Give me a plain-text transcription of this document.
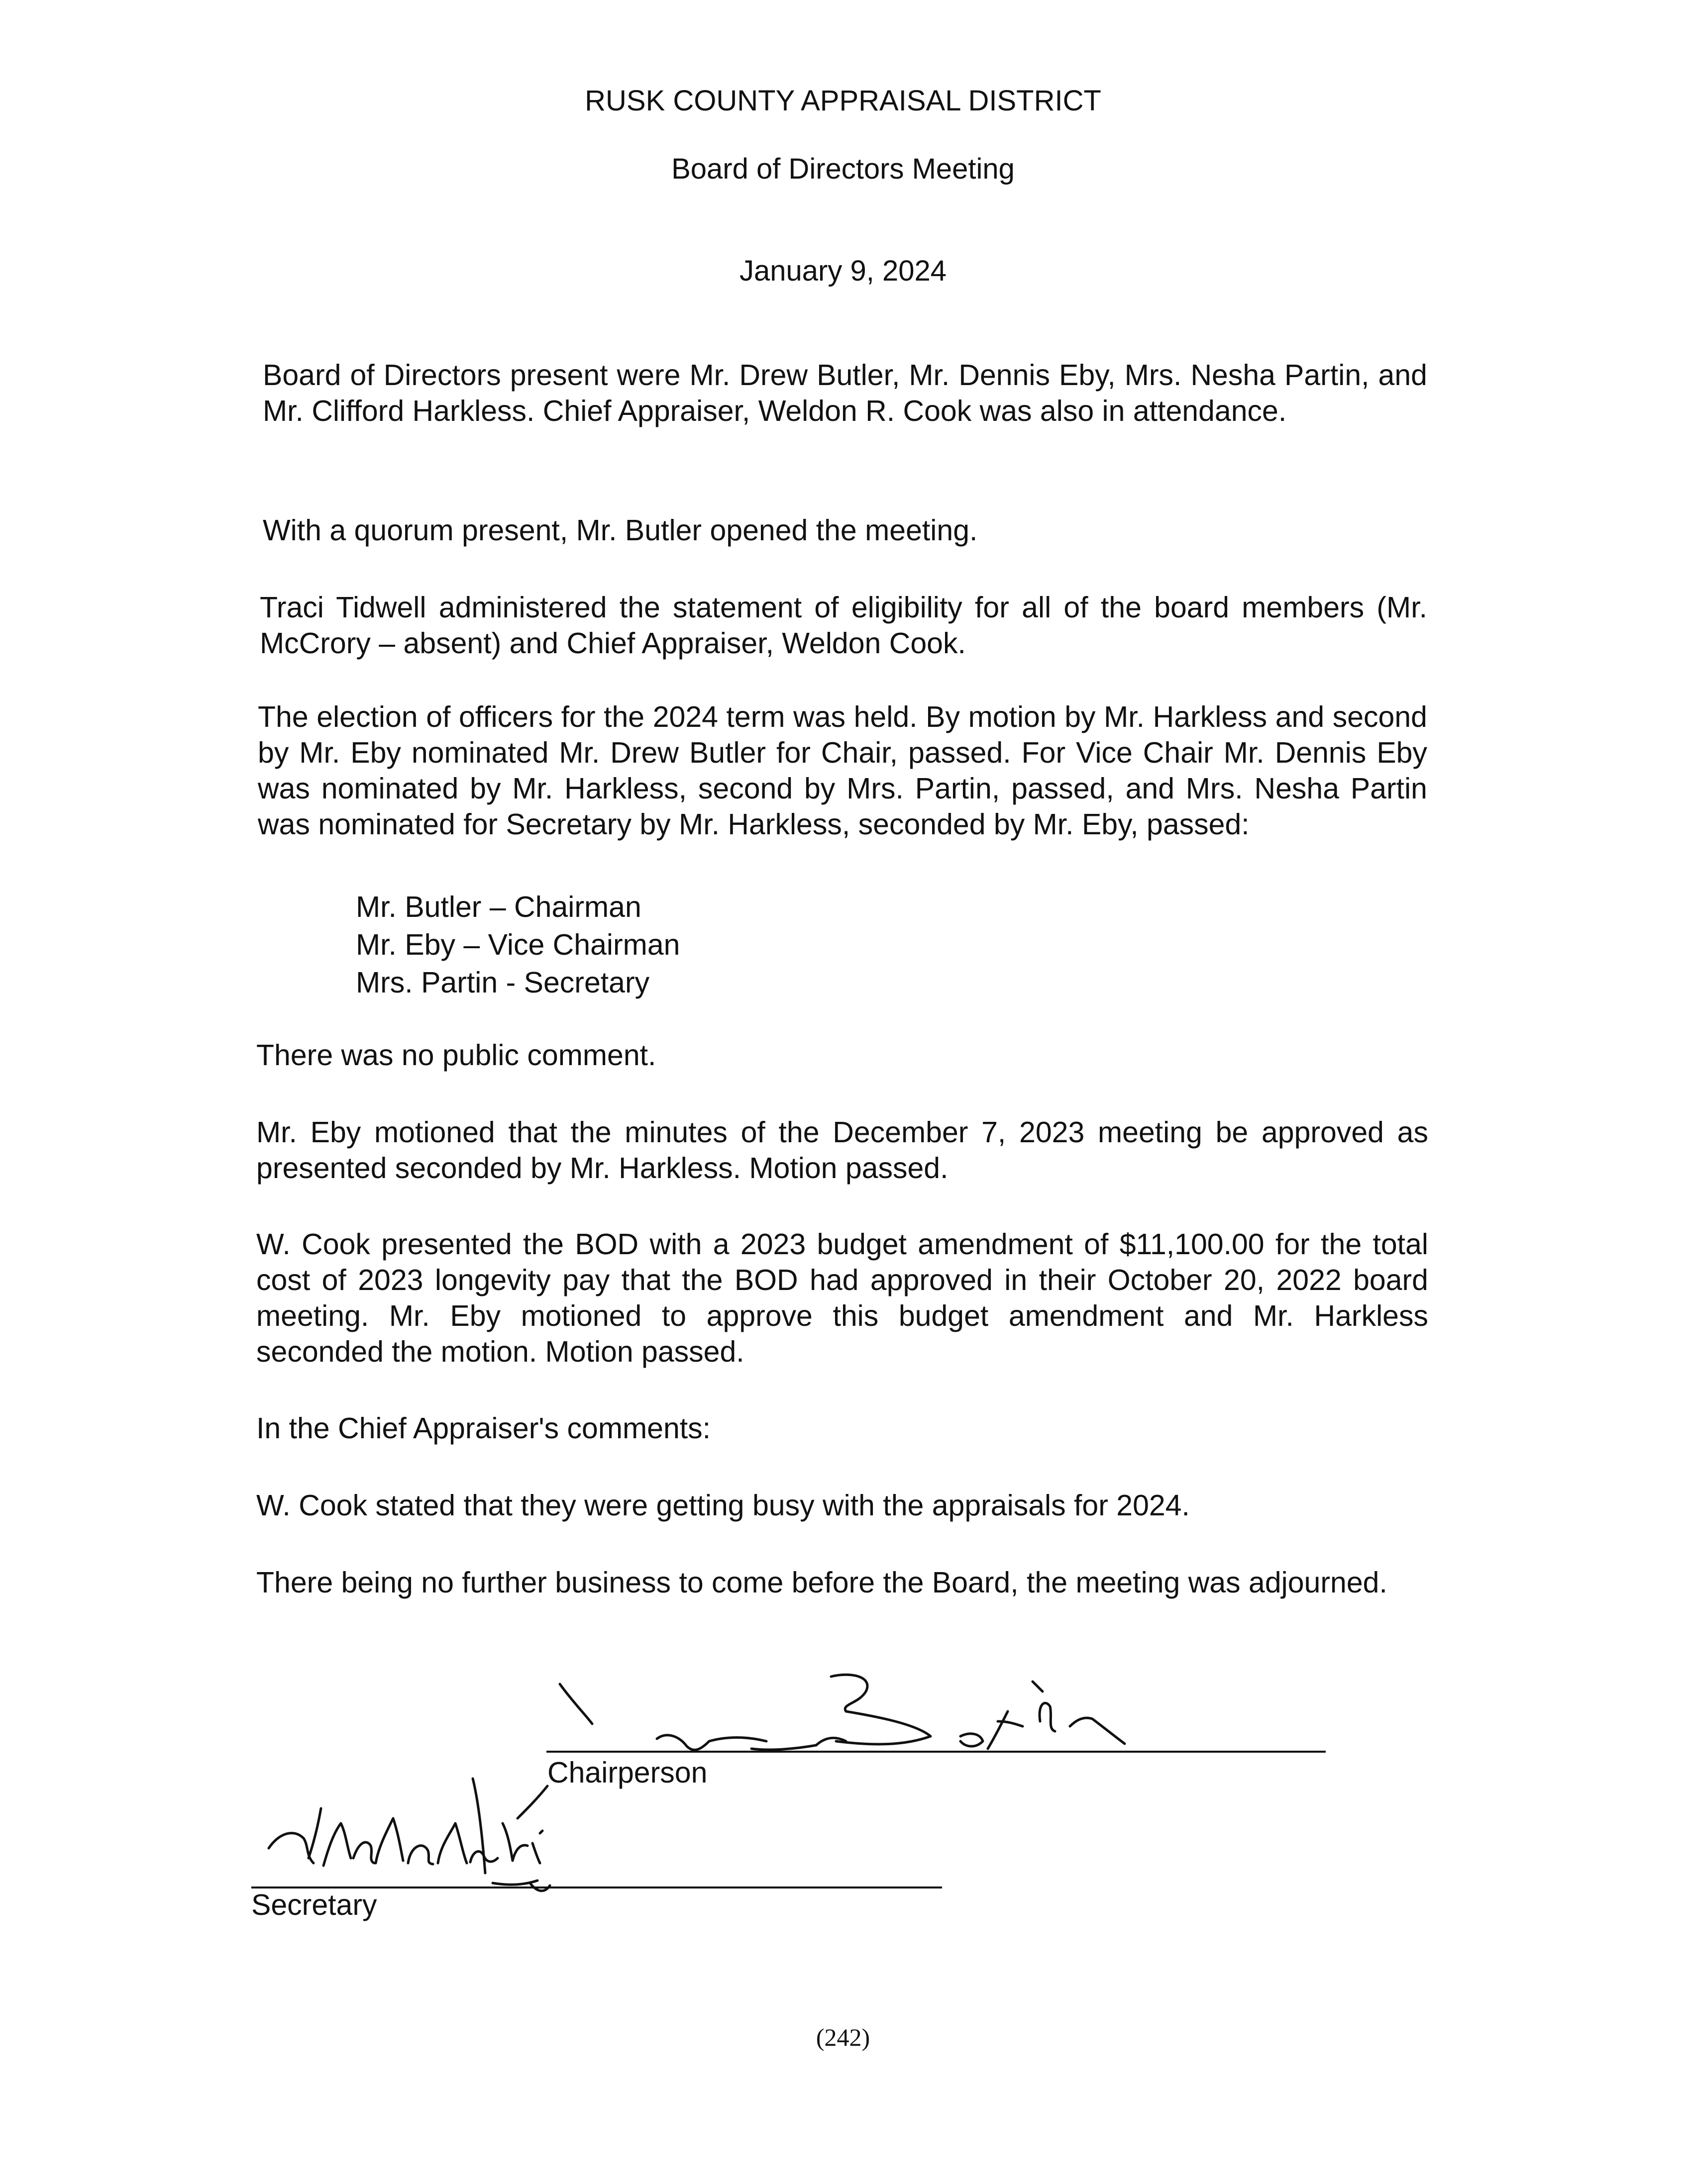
RUSK COUNTY APPRAISAL DISTRICT
Board of Directors Meeting
January 9, 2024
Board of Directors present were Mr. Drew Butler, Mr. Dennis Eby, Mrs. Nesha Partin, and Mr. Clifford Harkless. Chief Appraiser, Weldon R. Cook was also in attendance.
With a quorum present, Mr. Butler opened the meeting.
Traci Tidwell administered the statement of eligibility for all of the board members (Mr. McCrory – absent) and Chief Appraiser, Weldon Cook.
The election of officers for the 2024 term was held. By motion by Mr. Harkless and second by Mr. Eby nominated Mr. Drew Butler for Chair, passed. For Vice Chair Mr. Dennis Eby was nominated by Mr. Harkless, second by Mrs. Partin, passed, and Mrs. Nesha Partin was nominated for Secretary by Mr. Harkless, seconded by Mr. Eby, passed:
Mr. Butler – Chairman
Mr. Eby – Vice Chairman
Mrs. Partin - Secretary
There was no public comment.
Mr. Eby motioned that the minutes of the December 7, 2023 meeting be approved as presented seconded by Mr. Harkless. Motion passed.
W. Cook presented the BOD with a 2023 budget amendment of $11,100.00 for the total cost of 2023 longevity pay that the BOD had approved in their October 20, 2022 board meeting. Mr. Eby motioned to approve this budget amendment and Mr. Harkless seconded the motion. Motion passed.
In the Chief Appraiser's comments:
W. Cook stated that they were getting busy with the appraisals for 2024.
There being no further business to come before the Board, the meeting was adjourned.
Chairperson
Secretary
(242)
